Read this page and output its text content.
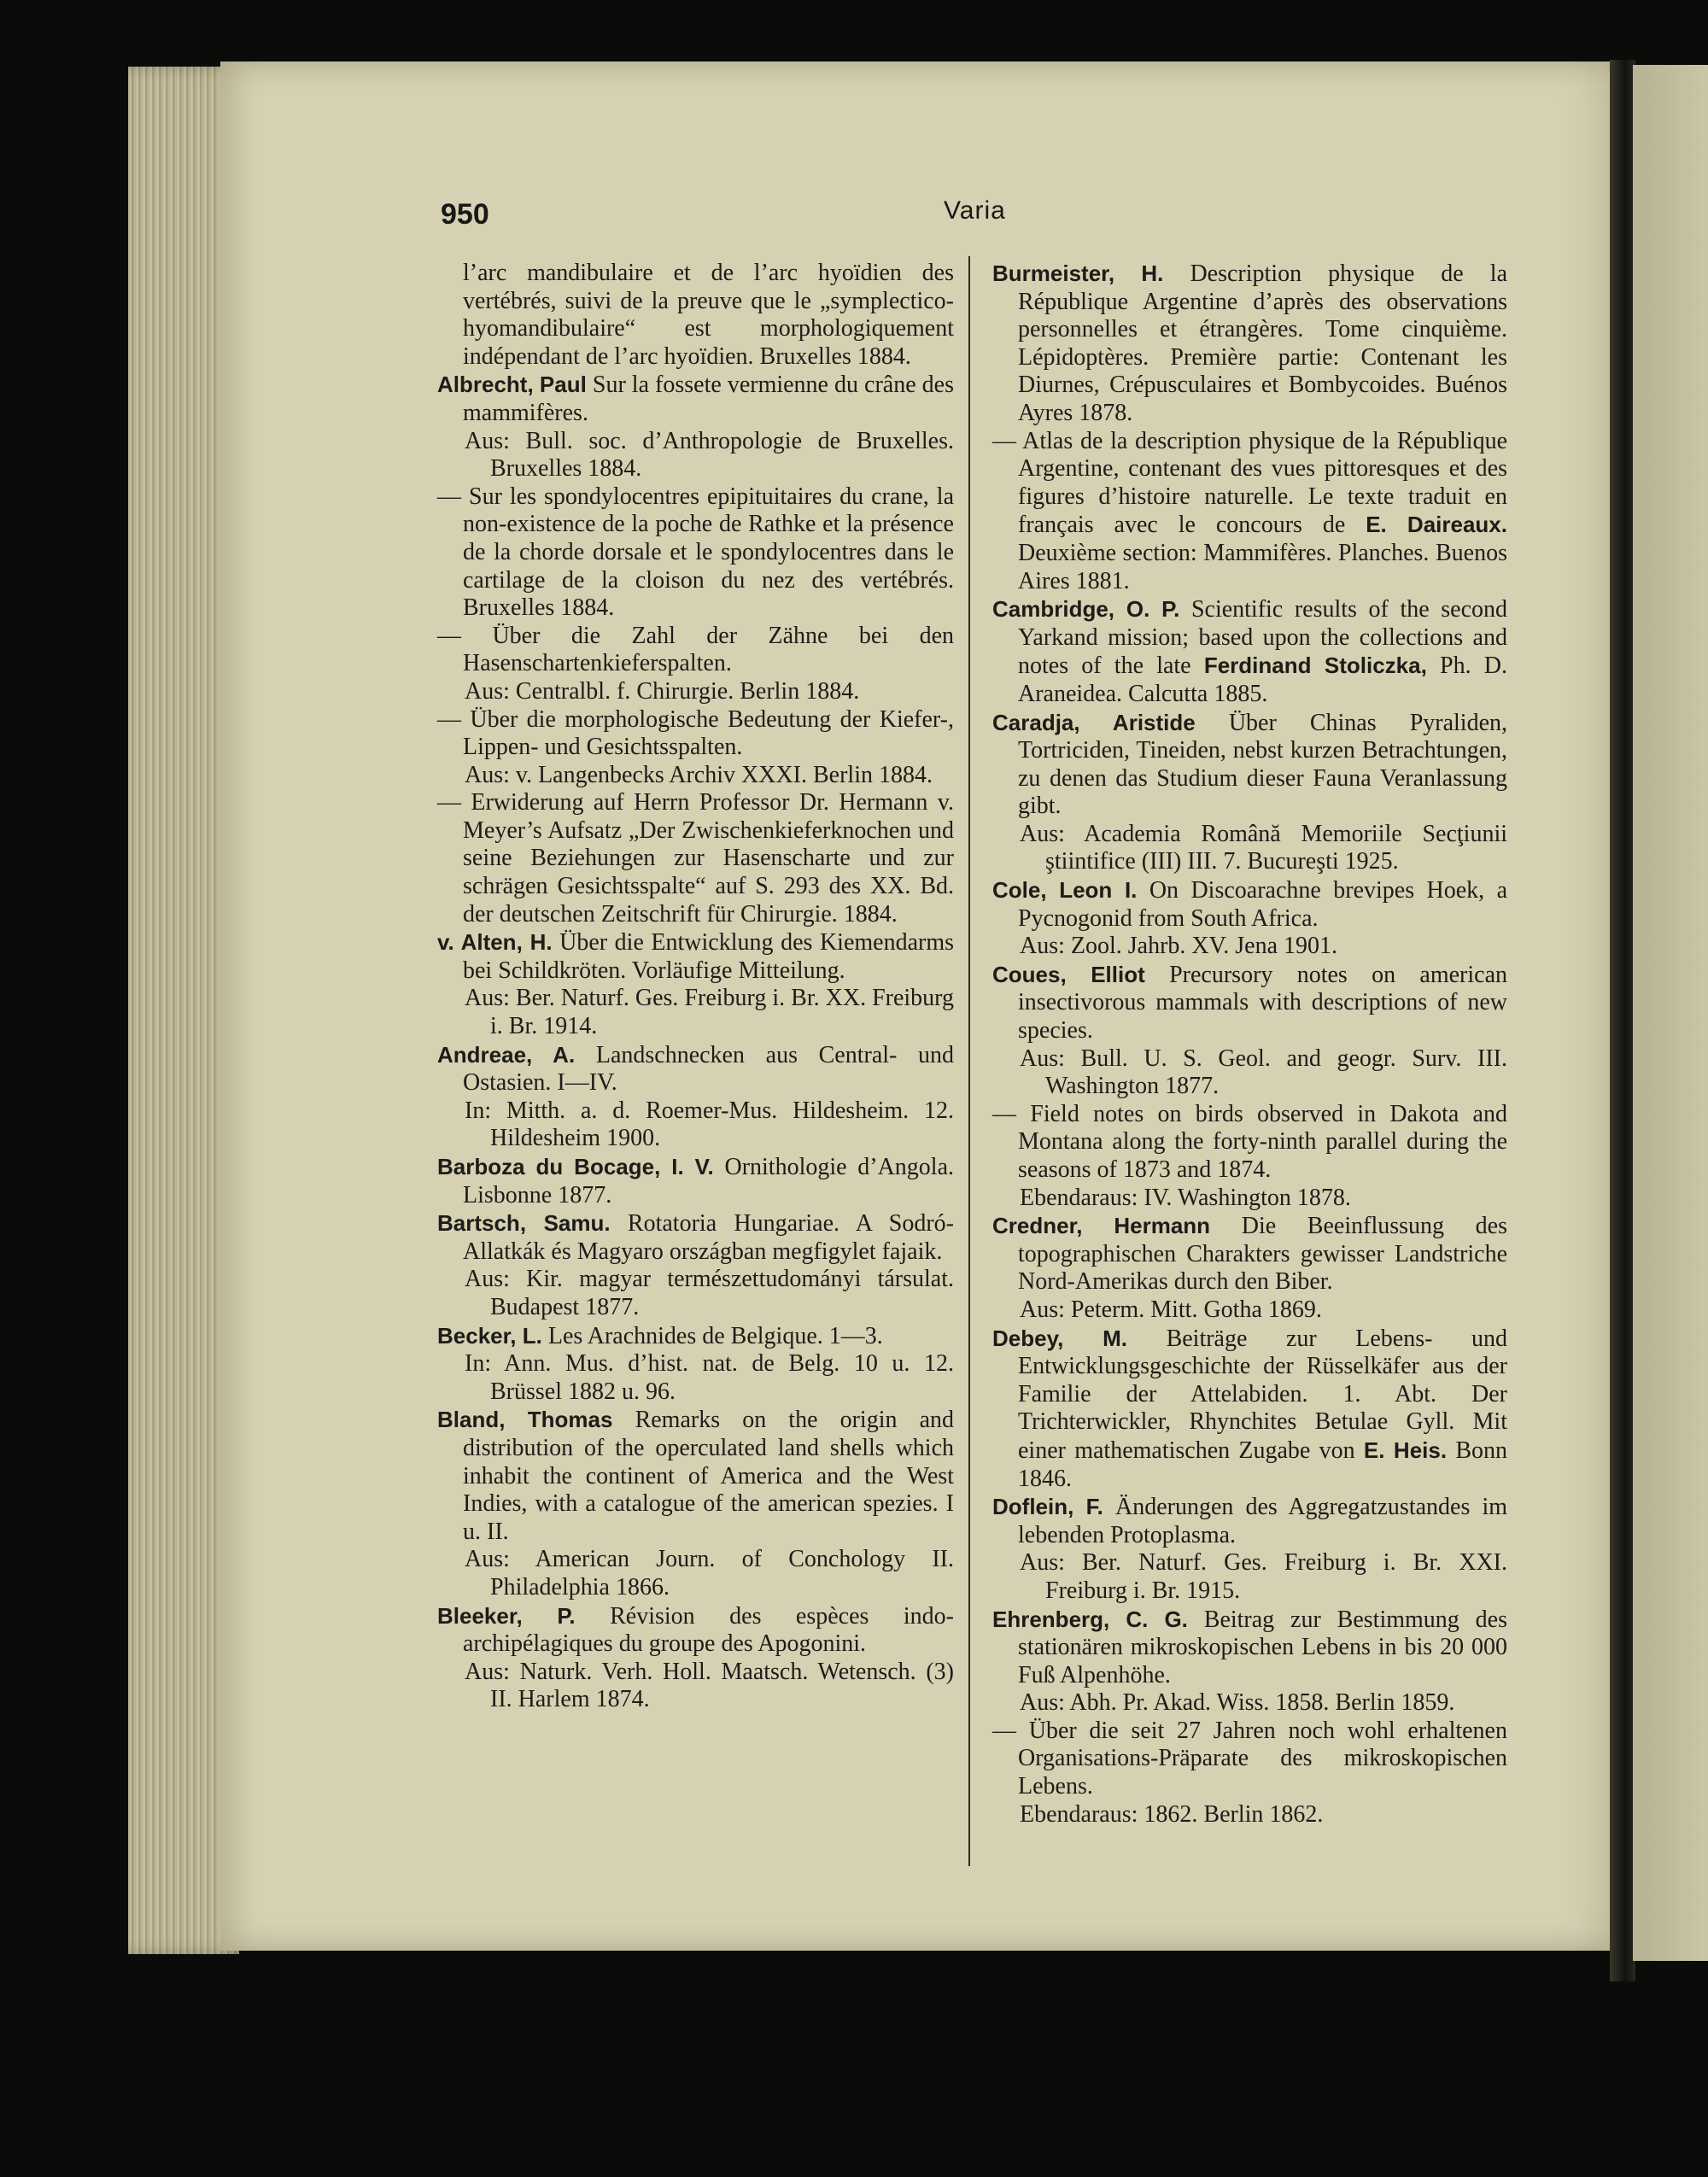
950	Varia

l’arc mandibulaire et de l’arc hyoïdien des vertébrés, suivi de la preuve que le „symplectico-hyomandibulaire“ est morphologiquement indépendant de l’arc hyoïdien. Bruxelles 1884.

Albrecht, Paul Sur la fossete vermienne du crâne des mammifères.

Aus: Bull. soc. d’Anthropologie de Bruxelles. Bruxelles 1884.

— Sur les spondylocentres epipituitaires du crane, la non-existence de la poche de Rathke et la présence de la chorde dorsale et le spondylocentres dans le cartilage de la cloison du nez des vertébrés. Bruxelles 1884.

— Über die Zahl der Zähne bei den Hasenschartenkieferspalten.

Aus: Centralbl. f. Chirurgie. Berlin 1884.

— Über die morphologische Bedeutung der Kiefer-, Lippen- und Gesichtsspalten.

Aus: v. Langenbecks Archiv XXXI. Berlin 1884.

— Erwiderung auf Herrn Professor Dr. Hermann v. Meyer’s Aufsatz „Der Zwischenkieferknochen und seine Beziehungen zur Hasenscharte und zur schrägen Gesichtsspalte“ auf S. 293 des XX. Bd. der deutschen Zeitschrift für Chirurgie. 1884.

v. Alten, H. Über die Entwicklung des Kiemendarms bei Schildkröten. Vorläufige Mitteilung.

Aus: Ber. Naturf. Ges. Freiburg i. Br. XX. Freiburg i. Br. 1914.

Andreae, A. Landschnecken aus Central- und Ostasien. I—IV.

In: Mitth. a. d. Roemer-Mus. Hildesheim. 12. Hildesheim 1900.

Barboza du Bocage, I. V. Ornithologie d’Angola. Lisbonne 1877.

Bartsch, Samu. Rotatoria Hungariae. A Sodró-Allatkák és Magyaro országban megfigylet fajaik.

Aus: Kir. magyar természettudományi társulat. Budapest 1877.

Becker, L. Les Arachnides de Belgique. 1—3.

In: Ann. Mus. d’hist. nat. de Belg. 10 u. 12. Brüssel 1882 u. 96.

Bland, Thomas Remarks on the origin and distribution of the operculated land shells which inhabit the continent of America and the West Indies, with a catalogue of the american spezies. I u. II.

Aus: American Journ. of Conchology II. Philadelphia 1866.

Bleeker, P. Révision des espèces indo-archipélagiques du groupe des Apogonini.

Aus: Naturk. Verh. Holl. Maatsch. Wetensch. (3) II. Harlem 1874.

Burmeister, H. Description physique de la République Argentine d’après des observations personnelles et étrangères. Tome cinquième. Lépidoptères. Première partie: Contenant les Diurnes, Crépusculaires et Bombycoides. Buénos Ayres 1878.

— Atlas de la description physique de la République Argentine, contenant des vues pittoresques et des figures d’histoire naturelle. Le texte traduit en français avec le concours de E. Daireaux. Deuxième section: Mammifères. Planches. Buenos Aires 1881.

Cambridge, O. P. Scientific results of the second Yarkand mission; based upon the collections and notes of the late Ferdinand Stoliczka, Ph. D. Araneidea. Calcutta 1885.

Caradja, Aristide Über Chinas Pyraliden, Tortriciden, Tineiden, nebst kurzen Betrachtungen, zu denen das Studium dieser Fauna Veranlassung gibt.

Aus: Academia Română Memoriile Secţiunii ştiintifice (III) III. 7. Bucureşti 1925.

Cole, Leon I. On Discoarachne brevipes Hoek, a Pycnogonid from South Africa.

Aus: Zool. Jahrb. XV. Jena 1901.

Coues, Elliot Precursory notes on american insectivorous mammals with descriptions of new species.

Aus: Bull. U. S. Geol. and geogr. Surv. III. Washington 1877.

— Field notes on birds observed in Dakota and Montana along the forty-ninth parallel during the seasons of 1873 and 1874.

Ebendaraus: IV. Washington 1878.

Credner, Hermann Die Beeinflussung des topographischen Charakters gewisser Landstriche Nord-Amerikas durch den Biber.

Aus: Peterm. Mitt. Gotha 1869.

Debey, M. Beiträge zur Lebens- und Entwicklungsgeschichte der Rüsselkäfer aus der Familie der Attelabiden. 1. Abt. Der Trichterwickler, Rhynchites Betulae Gyll. Mit einer mathematischen Zugabe von E. Heis. Bonn 1846.

Doflein, F. Änderungen des Aggregatzustandes im lebenden Protoplasma.

Aus: Ber. Naturf. Ges. Freiburg i. Br. XXI. Freiburg i. Br. 1915.

Ehrenberg, C. G. Beitrag zur Bestimmung des stationären mikroskopischen Lebens in bis 20 000 Fuß Alpenhöhe.

Aus: Abh. Pr. Akad. Wiss. 1858. Berlin 1859.

— Über die seit 27 Jahren noch wohl erhaltenen Organisations-Präparate des mikroskopischen Lebens.

Ebendaraus: 1862. Berlin 1862.
